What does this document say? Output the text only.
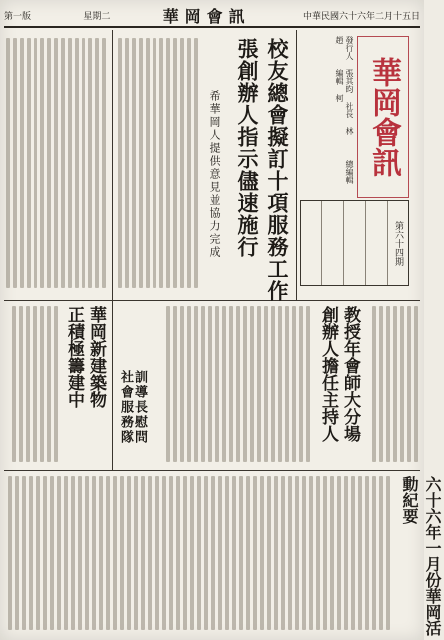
第一版	星期二	華岡會訊	中華民國六十六年二月十五日
華岡會訊
發行人 張其昀 社長 林　　 總編輯 趙　　 編輯 柯　　
第六十四期
校友總會擬訂十項服務工作
張創辦人指示儘速施行
希華岡人提供意見並協力完成
教授年會師大分場
創辦人擔任主持人
華岡新建築物
正積極籌建中	訓導長慰問
社會服務隊
六十六年一月份華岡活動紀要
